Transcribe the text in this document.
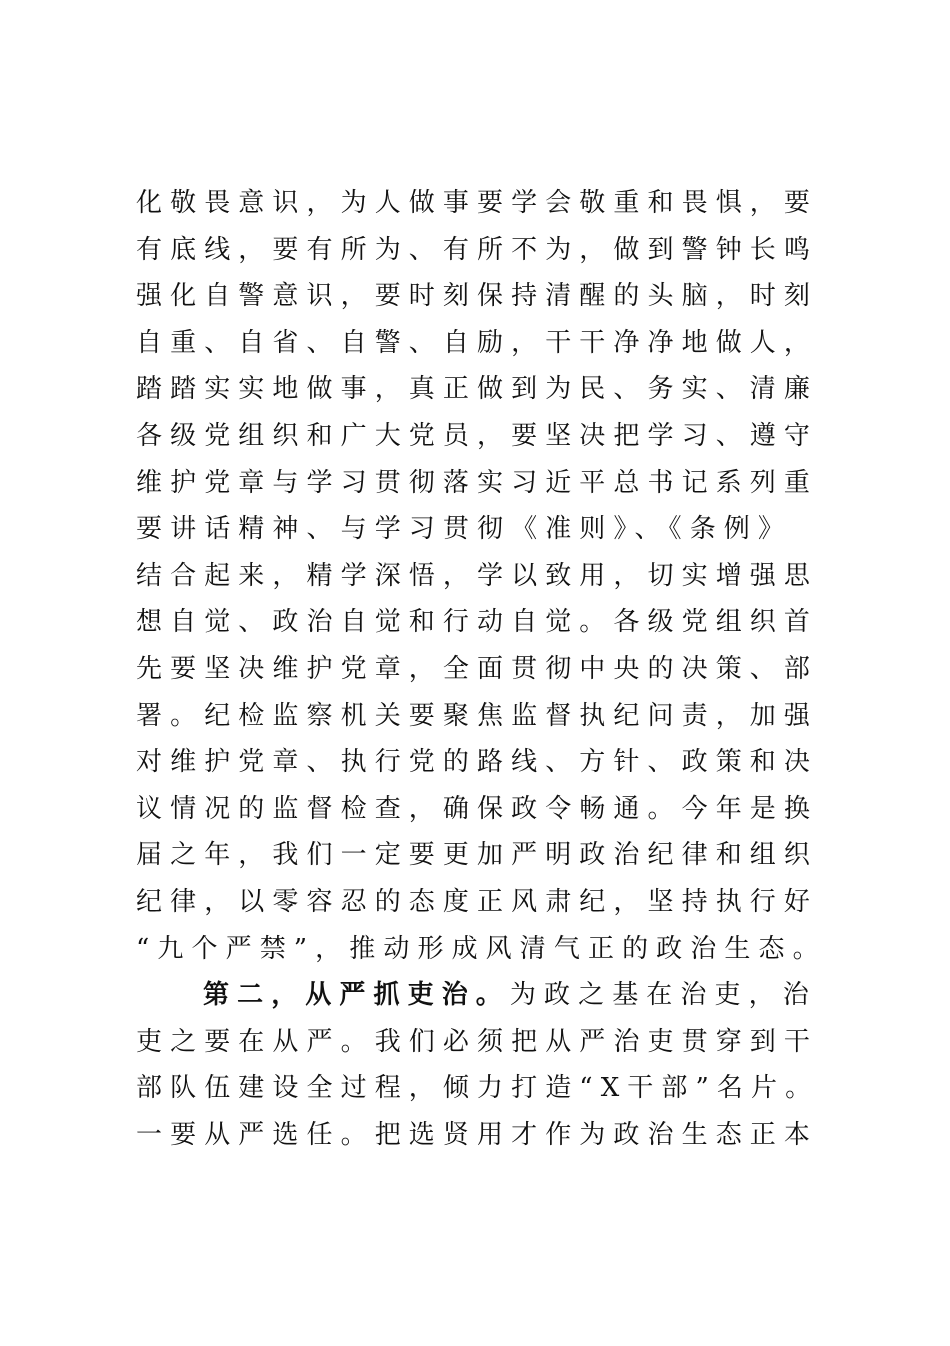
化敬畏意识，为人做事要学会敬重和畏惧，要
有底线，要有所为、有所不为，做到警钟长鸣
强化自警意识，要时刻保持清醒的头脑，时刻
自重、自省、自警、自励，干干净净地做人，
踏踏实实地做事，真正做到为民、务实、清廉
各级党组织和广大党员，要坚决把学习、遵守
维护党章与学习贯彻落实习近平总书记系列重
要讲话精神、与学习贯彻《准则》、《条例》
结合起来，精学深悟，学以致用，切实增强思
想自觉、政治自觉和行动自觉。各级党组织首
先要坚决维护党章，全面贯彻中央的决策、部
署。纪检监察机关要聚焦监督执纪问责，加强
对维护党章、执行党的路线、方针、政策和决
议情况的监督检查，确保政令畅通。今年是换
届之年，我们一定要更加严明政治纪律和组织
纪律，以零容忍的态度正风肃纪，坚持执行好
“九个严禁”，推动形成风清气正的政治生态。
第二，从严抓吏治。为政之基在治吏，治
吏之要在从严。我们必须把从严治吏贯穿到干
部队伍建设全过程，倾力打造“X干部”名片。
一要从严选任。把选贤用才作为政治生态正本
